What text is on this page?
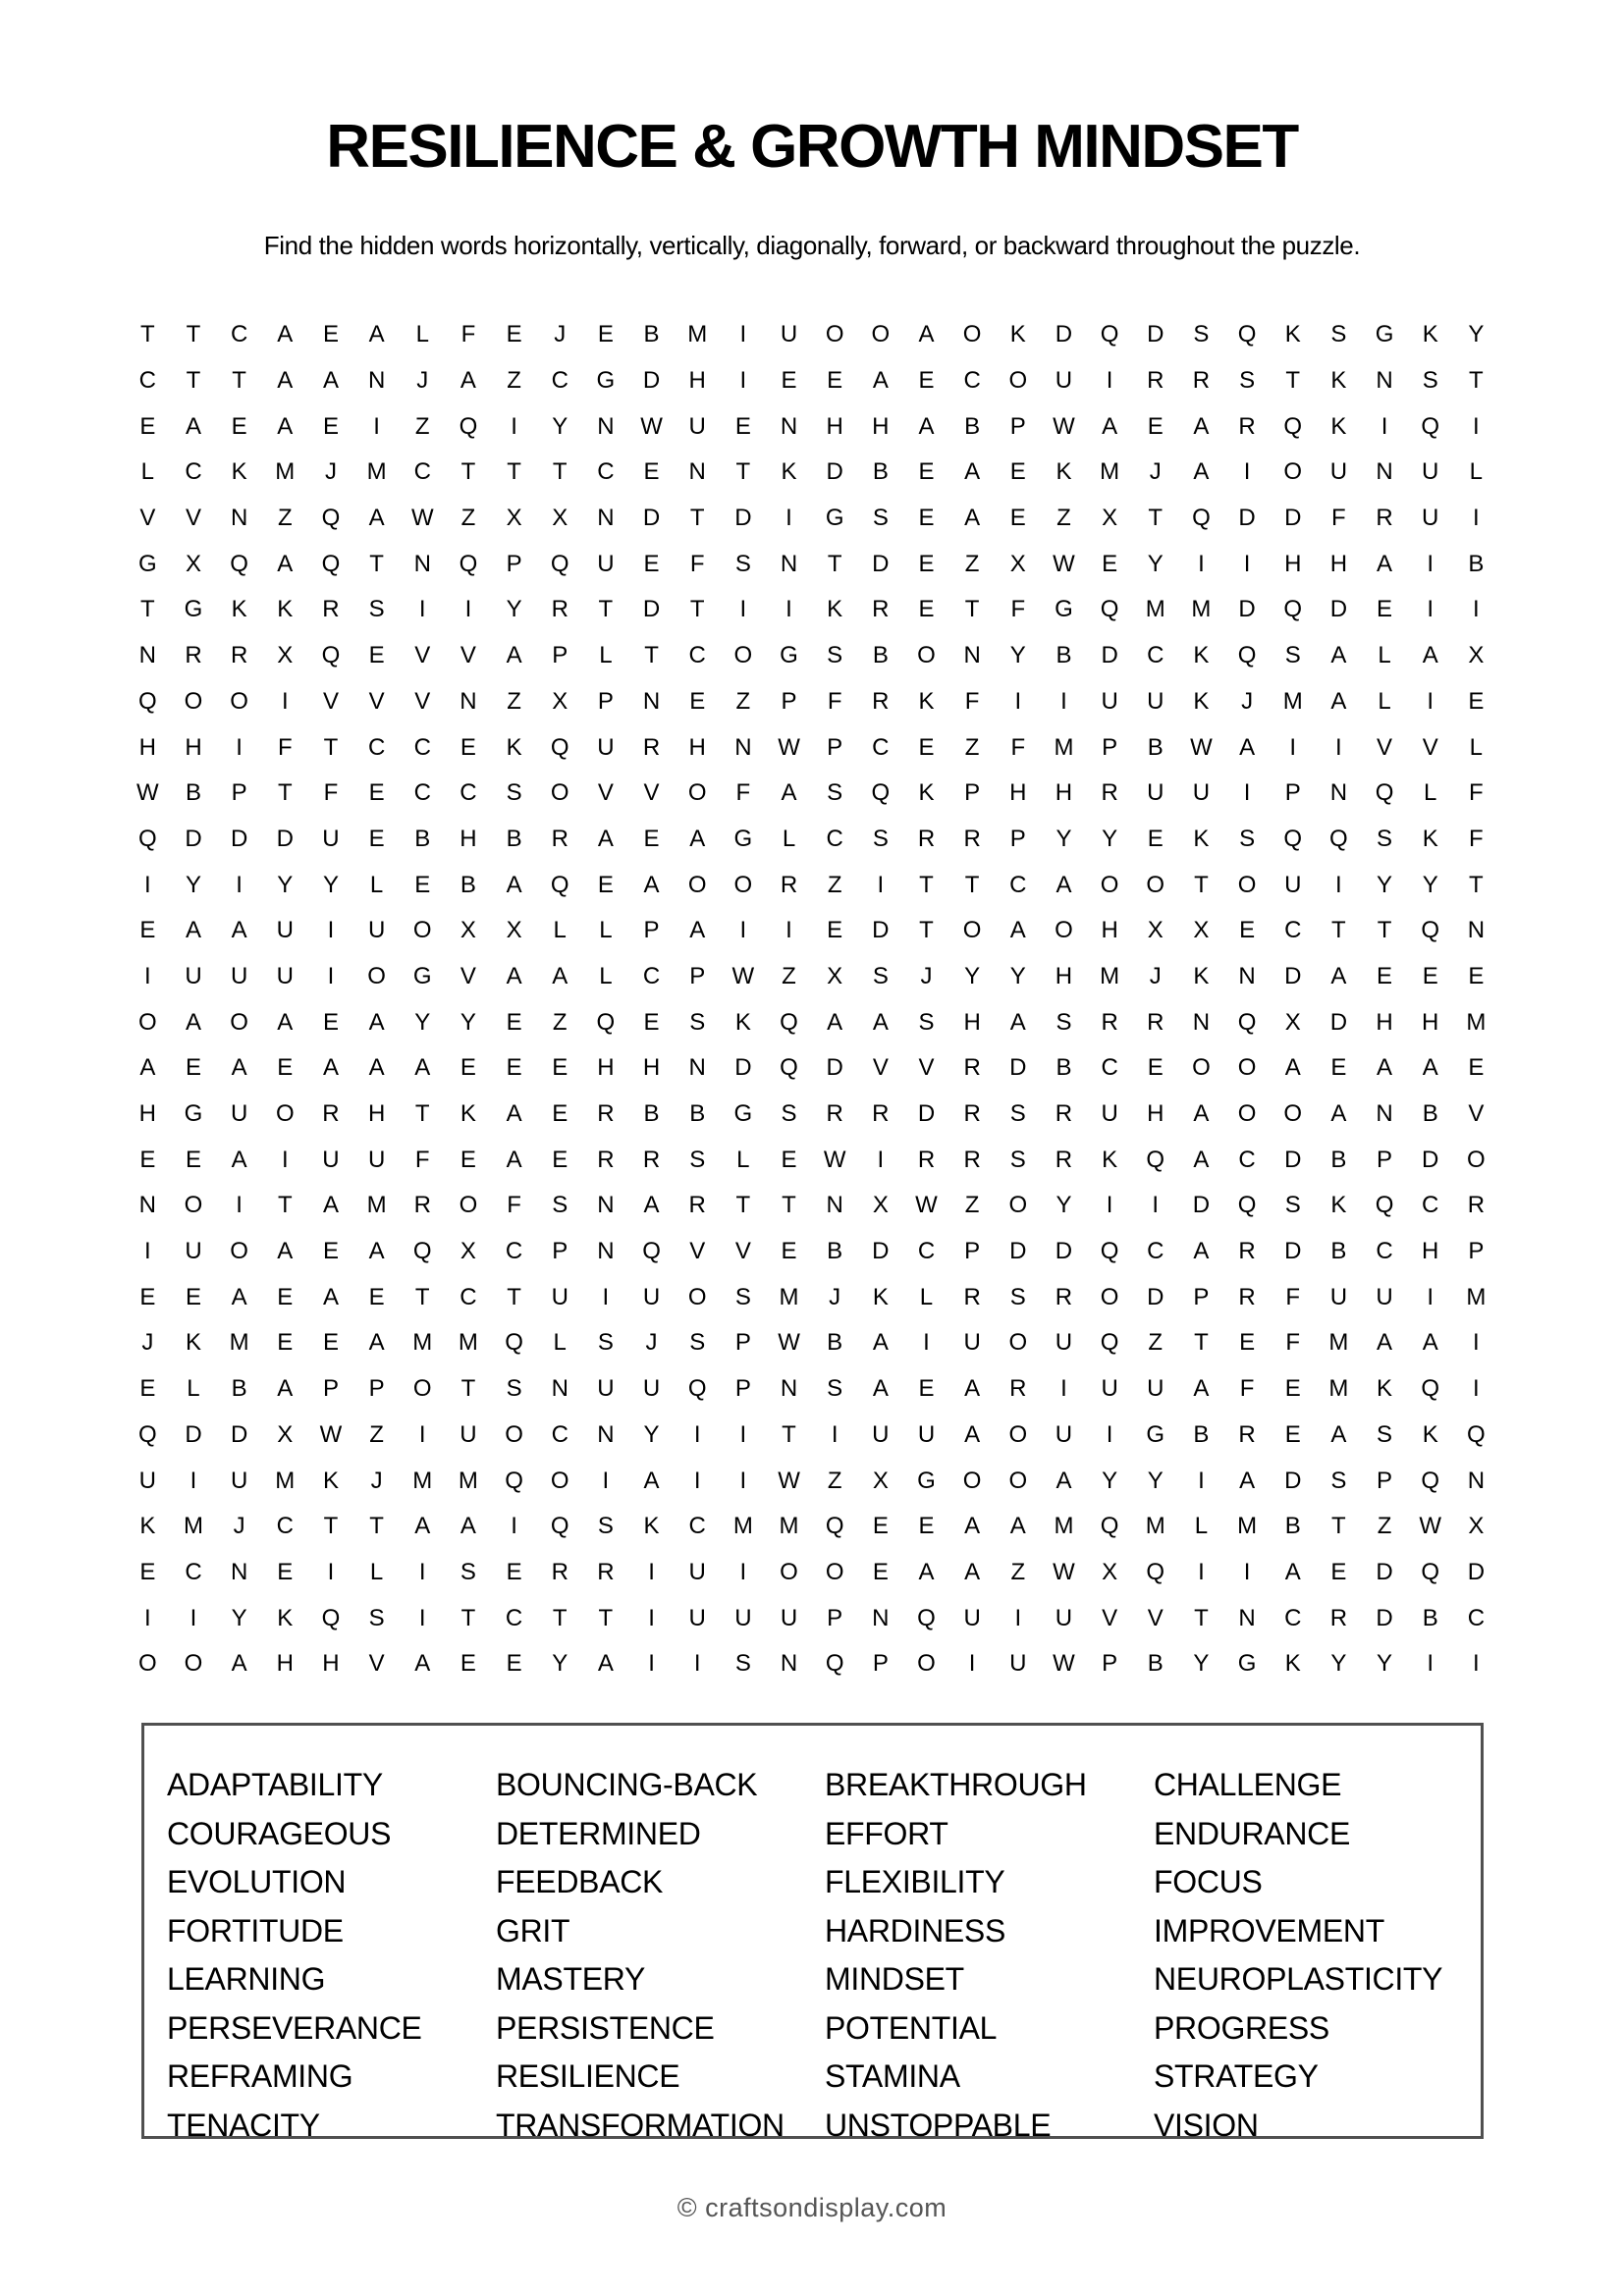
RESILIENCE & GROWTH MINDSET

Find the hidden words horizontally, vertically, diagonally, forward, or backward throughout the puzzle.

T	T	C	A	E	A	L	F	E	J	E	B	M	I	U	O	O	A	O	K	D	Q	D	S	Q	K	S	G	K	Y
C	T	T	A	A	N	J	A	Z	C	G	D	H	I	E	E	A	E	C	O	U	I	R	R	S	T	K	N	S	T
E	A	E	A	E	I	Z	Q	I	Y	N	W	U	E	N	H	H	A	B	P	W	A	E	A	R	Q	K	I	Q	I
L	C	K	M	J	M	C	T	T	T	C	E	N	T	K	D	B	E	A	E	K	M	J	A	I	O	U	N	U	L
V	V	N	Z	Q	A	W	Z	X	X	N	D	T	D	I	G	S	E	A	E	Z	X	T	Q	D	D	F	R	U	I
G	X	Q	A	Q	T	N	Q	P	Q	U	E	F	S	N	T	D	E	Z	X	W	E	Y	I	I	H	H	A	I	B
T	G	K	K	R	S	I	I	Y	R	T	D	T	I	I	K	R	E	T	F	G	Q	M	M	D	Q	D	E	I	I
N	R	R	X	Q	E	V	V	A	P	L	T	C	O	G	S	B	O	N	Y	B	D	C	K	Q	S	A	L	A	X
Q	O	O	I	V	V	V	N	Z	X	P	N	E	Z	P	F	R	K	F	I	I	U	U	K	J	M	A	L	I	E
H	H	I	F	T	C	C	E	K	Q	U	R	H	N	W	P	C	E	Z	F	M	P	B	W	A	I	I	V	V	L
W	B	P	T	F	E	C	C	S	O	V	V	O	F	A	S	Q	K	P	H	H	R	U	U	I	P	N	Q	L	F
Q	D	D	D	U	E	B	H	B	R	A	E	A	G	L	C	S	R	R	P	Y	Y	E	K	S	Q	Q	S	K	F
I	Y	I	Y	Y	L	E	B	A	Q	E	A	O	O	R	Z	I	T	T	C	A	O	O	T	O	U	I	Y	Y	T
E	A	A	U	I	U	O	X	X	L	L	P	A	I	I	E	D	T	O	A	O	H	X	X	E	C	T	T	Q	N
I	U	U	U	I	O	G	V	A	A	L	C	P	W	Z	X	S	J	Y	Y	H	M	J	K	N	D	A	E	E	E
O	A	O	A	E	A	Y	Y	E	Z	Q	E	S	K	Q	A	A	S	H	A	S	R	R	N	Q	X	D	H	H	M
A	E	A	E	A	A	A	E	E	E	H	H	N	D	Q	D	V	V	R	D	B	C	E	O	O	A	E	A	A	E
H	G	U	O	R	H	T	K	A	E	R	B	B	G	S	R	R	D	R	S	R	U	H	A	O	O	A	N	B	V
E	E	A	I	U	U	F	E	A	E	R	R	S	L	E	W	I	R	R	S	R	K	Q	A	C	D	B	P	D	O
N	O	I	T	A	M	R	O	F	S	N	A	R	T	T	N	X	W	Z	O	Y	I	I	D	Q	S	K	Q	C	R
I	U	O	A	E	A	Q	X	C	P	N	Q	V	V	E	B	D	C	P	D	D	Q	C	A	R	D	B	C	H	P
E	E	A	E	A	E	T	C	T	U	I	U	O	S	M	J	K	L	R	S	R	O	D	P	R	F	U	U	I	M
J	K	M	E	E	A	M	M	Q	L	S	J	S	P	W	B	A	I	U	O	U	Q	Z	T	E	F	M	A	A	I
E	L	B	A	P	P	O	T	S	N	U	U	Q	P	N	S	A	E	A	R	I	U	U	A	F	E	M	K	Q	I
Q	D	D	X	W	Z	I	U	O	C	N	Y	I	I	T	I	U	U	A	O	U	I	G	B	R	E	A	S	K	Q
U	I	U	M	K	J	M	M	Q	O	I	A	I	I	W	Z	X	G	O	O	A	Y	Y	I	A	D	S	P	Q	N
K	M	J	C	T	T	A	A	I	Q	S	K	C	M	M	Q	E	E	A	A	M	Q	M	L	M	B	T	Z	W	X
E	C	N	E	I	L	I	S	E	R	R	I	U	I	O	O	E	A	A	Z	W	X	Q	I	I	A	E	D	Q	D
I	I	Y	K	Q	S	I	T	C	T	T	I	U	U	U	P	N	Q	U	I	U	V	V	T	N	C	R	D	B	C
O	O	A	H	H	V	A	E	E	Y	A	I	I	S	N	Q	P	O	I	U	W	P	B	Y	G	K	Y	Y	I	I
ADAPTABILITY	BOUNCING-BACK	BREAKTHROUGH	CHALLENGE
COURAGEOUS	DETERMINED	EFFORT	ENDURANCE
EVOLUTION	FEEDBACK	FLEXIBILITY	FOCUS
FORTITUDE	GRIT	HARDINESS	IMPROVEMENT
LEARNING	MASTERY	MINDSET	NEUROPLASTICITY
PERSEVERANCE	PERSISTENCE	POTENTIAL	PROGRESS
REFRAMING	RESILIENCE	STAMINA	STRATEGY
TENACITY	TRANSFORMATION	UNSTOPPABLE	VISION
© craftsondisplay.com
